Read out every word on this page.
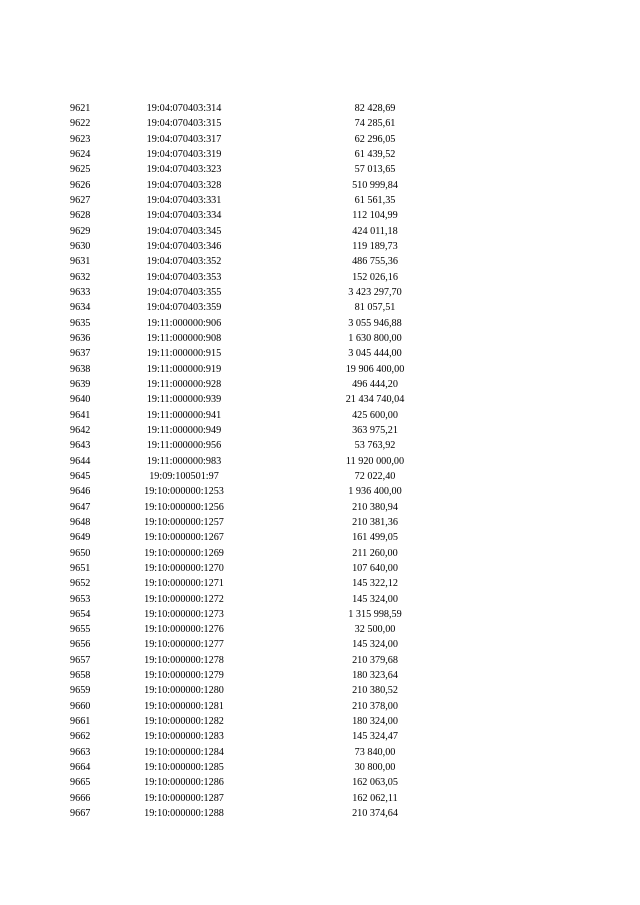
9621	19:04:070403:314	82 428,69
9622	19:04:070403:315	74 285,61
9623	19:04:070403:317	62 296,05
9624	19:04:070403:319	61 439,52
9625	19:04:070403:323	57 013,65
9626	19:04:070403:328	510 999,84
9627	19:04:070403:331	61 561,35
9628	19:04:070403:334	112 104,99
9629	19:04:070403:345	424 011,18
9630	19:04:070403:346	119 189,73
9631	19:04:070403:352	486 755,36
9632	19:04:070403:353	152 026,16
9633	19:04:070403:355	3 423 297,70
9634	19:04:070403:359	81 057,51
9635	19:11:000000:906	3 055 946,88
9636	19:11:000000:908	1 630 800,00
9637	19:11:000000:915	3 045 444,00
9638	19:11:000000:919	19 906 400,00
9639	19:11:000000:928	496 444,20
9640	19:11:000000:939	21 434 740,04
9641	19:11:000000:941	425 600,00
9642	19:11:000000:949	363 975,21
9643	19:11:000000:956	53 763,92
9644	19:11:000000:983	11 920 000,00
9645	19:09:100501:97	72 022,40
9646	19:10:000000:1253	1 936 400,00
9647	19:10:000000:1256	210 380,94
9648	19:10:000000:1257	210 381,36
9649	19:10:000000:1267	161 499,05
9650	19:10:000000:1269	211 260,00
9651	19:10:000000:1270	107 640,00
9652	19:10:000000:1271	145 322,12
9653	19:10:000000:1272	145 324,00
9654	19:10:000000:1273	1 315 998,59
9655	19:10:000000:1276	32 500,00
9656	19:10:000000:1277	145 324,00
9657	19:10:000000:1278	210 379,68
9658	19:10:000000:1279	180 323,64
9659	19:10:000000:1280	210 380,52
9660	19:10:000000:1281	210 378,00
9661	19:10:000000:1282	180 324,00
9662	19:10:000000:1283	145 324,47
9663	19:10:000000:1284	73 840,00
9664	19:10:000000:1285	30 800,00
9665	19:10:000000:1286	162 063,05
9666	19:10:000000:1287	162 062,11
9667	19:10:000000:1288	210 374,64
